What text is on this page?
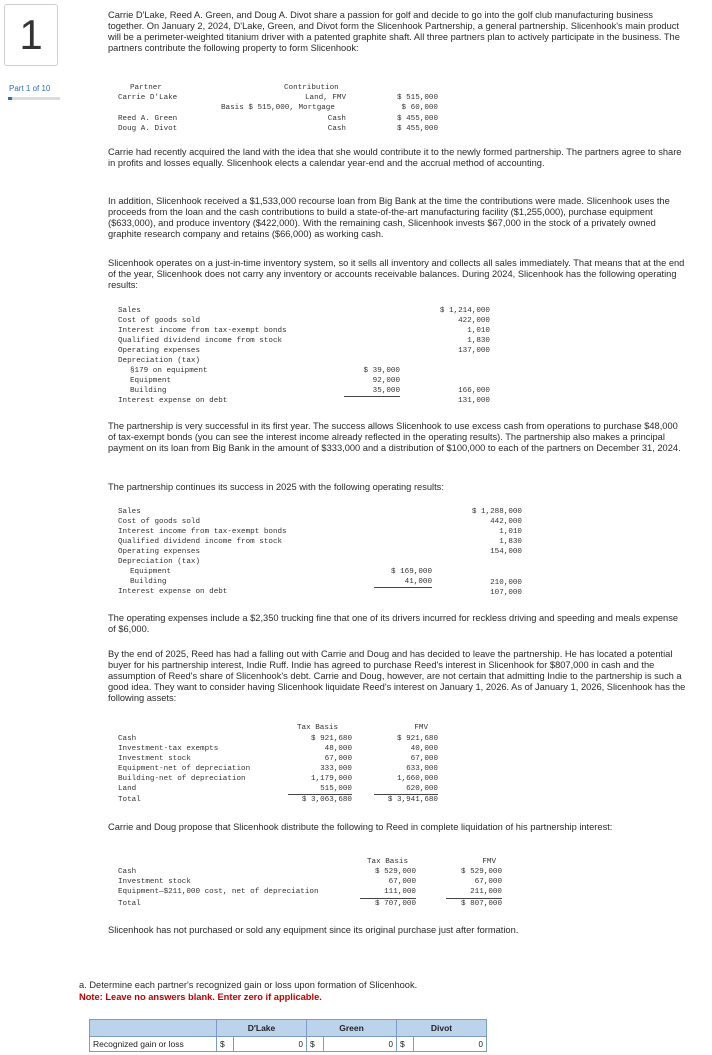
1
Part 1 of 10
Carrie D'Lake, Reed A. Green, and Doug A. Divot share a passion for golf and decide to go into the golf club manufacturing business together. On January 2, 2024, D'Lake, Green, and Divot form the Slicenhook Partnership, a general partnership. Slicenhook's main product will be a perimeter-weighted titanium driver with a patented graphite shaft. All three partners plan to actively participate in the business. The partners contribute the following property to form Slicenhook:
Partner	Contribution
Carrie D'Lake	Land, FMV	$ 515,000
Basis $ 515,000, Mortgage	$ 60,000
Reed A. Green	Cash	$ 455,000
Doug A. Divot	Cash	$ 455,000
Carrie had recently acquired the land with the idea that she would contribute it to the newly formed partnership. The partners agree to share in profits and losses equally. Slicenhook elects a calendar year-end and the accrual method of accounting.
In addition, Slicenhook received a $1,533,000 recourse loan from Big Bank at the time the contributions were made. Slicenhook uses the proceeds from the loan and the cash contributions to build a state-of-the-art manufacturing facility ($1,255,000), purchase equipment ($633,000), and produce inventory ($422,000). With the remaining cash, Slicenhook invests $67,000 in the stock of a privately owned graphite research company and retains ($66,000) as working cash.
Slicenhook operates on a just-in-time inventory system, so it sells all inventory and collects all sales immediately. That means that at the end of the year, Slicenhook does not carry any inventory or accounts receivable balances. During 2024, Slicenhook has the following operating results:
Sales	$ 1,214,000
Cost of goods sold	422,000
Interest income from tax-exempt bonds	1,010
Qualified dividend income from stock	1,830
Operating expenses	137,000
Depreciation (tax)
§179 on equipment	$ 39,000
Equipment	92,000
Building	35,000	166,000
Interest expense on debt	131,000
The partnership is very successful in its first year. The success allows Slicenhook to use excess cash from operations to purchase $48,000 of tax-exempt bonds (you can see the interest income already reflected in the operating results). The partnership also makes a principal payment on its loan from Big Bank in the amount of $333,000 and a distribution of $100,000 to each of the partners on December 31, 2024.
The partnership continues its success in 2025 with the following operating results:
Sales	$ 1,288,000
Cost of goods sold	442,000
Interest income from tax-exempt bonds	1,010
Qualified dividend income from stock	1,830
Operating expenses	154,000
Depreciation (tax)
Equipment	$ 169,000
Building	41,000	210,000
Interest expense on debt	107,000
The operating expenses include a $2,350 trucking fine that one of its drivers incurred for reckless driving and speeding and meals expense of $6,000.
By the end of 2025, Reed has had a falling out with Carrie and Doug and has decided to leave the partnership. He has located a potential buyer for his partnership interest, Indie Ruff. Indie has agreed to purchase Reed's interest in Slicenhook for $807,000 in cash and the assumption of Reed's share of Slicenhook's debt. Carrie and Doug, however, are not certain that admitting Indie to the partnership is such a good idea. They want to consider having Slicenhook liquidate Reed's interest on January 1, 2026. As of January 1, 2026, Slicenhook has the following assets:
Tax Basis	FMV
Cash	$ 921,680	$ 921,680
Investment-tax exempts	48,000	40,000
Investment stock	67,000	67,000
Equipment-net of depreciation	333,000	633,000
Building-net of depreciation	1,179,000	1,660,000
Land	515,000	620,000
Total	$ 3,063,680	$ 3,941,680
Carrie and Doug propose that Slicenhook distribute the following to Reed in complete liquidation of his partnership interest:
Tax Basis	FMV
Cash	$ 529,000	$ 529,000
Investment stock	67,000	67,000
Equipment—$211,000 cost, net of depreciation	111,000	211,000
Total	$ 707,000	$ 807,000
Slicenhook has not purchased or sold any equipment since its original purchase just after formation.
a. Determine each partner's recognized gain or loss upon formation of Slicenhook.
Note: Leave no answers blank. Enter zero if applicable.
	D'Lake		Green		Divot	
Recognized gain or loss	$	0	$	0	$	0
